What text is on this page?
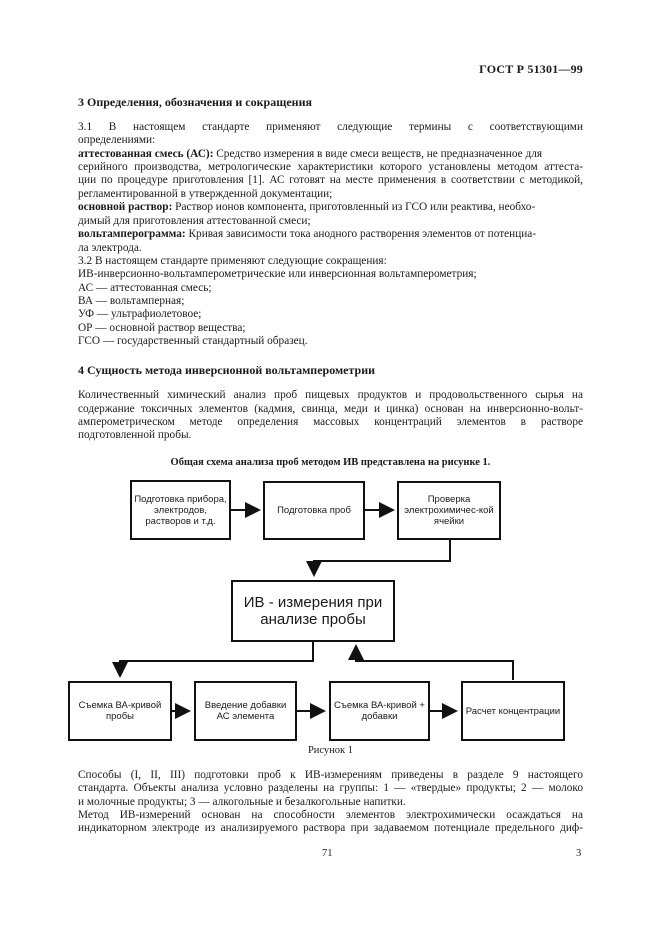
ГОСТ Р 51301—99
3 Определения, обозначения и сокращения
3.1 В настоящем стандарте применяют следующие термины с соответствующими
определениями:
аттестованная смесь (АС): Средство измерения в виде смеси веществ, не предназначенное для
серийного производства, метрологические характеристики которого установлены методом аттеста-
ции по процедуре приготовления [1]. АС готовят на месте применения в соответствии с методикой,
регламентированной в утвержденной документации;
основной раствор: Раствор ионов компонента, приготовленный из ГСО или реактива, необхо-
димый для приготовления аттестованной смеси;
вольтамперограмма: Кривая зависимости тока анодного растворения элементов от потенциа-
ла электрода.
3.2 В настоящем стандарте применяют следующие сокращения:
ИВ-инверсионно-вольтамперометрические или инверсионная вольтамперометрия;
АС — аттестованная смесь;
ВА — вольтамперная;
УФ — ультрафиолетовое;
ОР — основной раствор вещества;
ГСО — государственный стандартный образец.
4 Сущность метода инверсионной вольтамперометрии
Количественный химический анализ проб пищевых продуктов и продовольственного сырья на
содержание токсичных элементов (кадмия, свинца, меди и цинка) основан на инверсионно-вольт-
амперометрическом методе определения массовых концентраций элементов в растворе
подготовленной пробы.
Общая схема анализа проб методом ИВ представлена на рисунке 1.
Подготовка прибора, электродов, растворов и т.д.
Подготовка проб
Проверка электрохимичес-кой ячейки
ИВ - измерения при анализе пробы
Съемка ВА-кривой пробы
Введение добавки АС элемента
Съемка ВА-кривой + добавки	Расчет концентрации
Рисунок 1
Способы (I, II, III) подготовки проб к ИВ-измерениям приведены в разделе 9 настоящего
стандарта. Объекты анализа условно разделены на группы: 1 — «твердые» продукты; 2 — молоко
и молочные продукты; 3 — алкогольные и безалкогольные напитки.
Метод ИВ-измерений основан на способности элементов электрохимически осаждаться на
индикаторном электроде из анализируемого раствора при задаваемом потенциале предельного диф-
71	3
